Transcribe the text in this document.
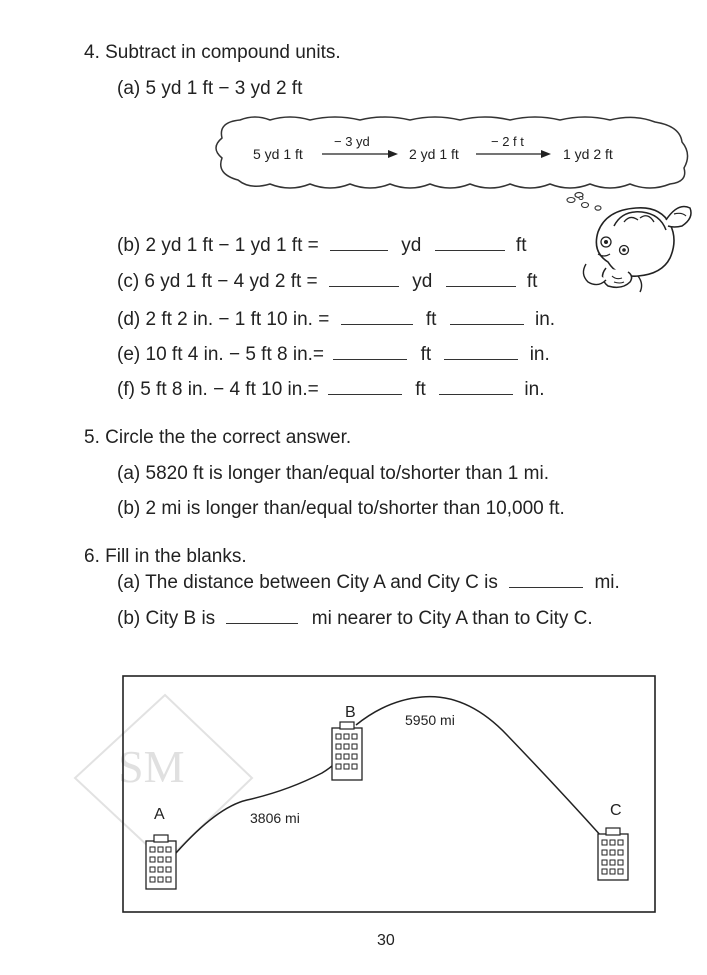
4. Subtract in compound units.
(a) 5 yd 1 ft − 3 yd 2 ft
5 yd 1 ft
− 3 yd
2 yd 1 ft
− 2 f t
1 yd 2 ft
(b) 2 yd 1 ft − 1 yd 1 ft =	yd	ft
(c) 6 yd 1 ft − 4 yd 2 ft =	yd	ft
(d) 2 ft 2 in. − 1 ft 10 in. =	ft	in.
(e) 10 ft 4 in. − 5 ft 8 in.=	ft	in.
(f) 5 ft 8 in. − 4 ft 10 in.=	ft	in.
5. Circle the the correct answer.
(a) 5820 ft is longer than/equal to/shorter than 1 mi.
(b) 2 mi is longer than/equal to/shorter than 10,000 ft.
6. Fill in the blanks.
(a) The distance between City A and City C is	mi.
(b) City B is	mi nearer to City A than to City C.
SM
A
B
C
3806 mi
5950 mi
30
